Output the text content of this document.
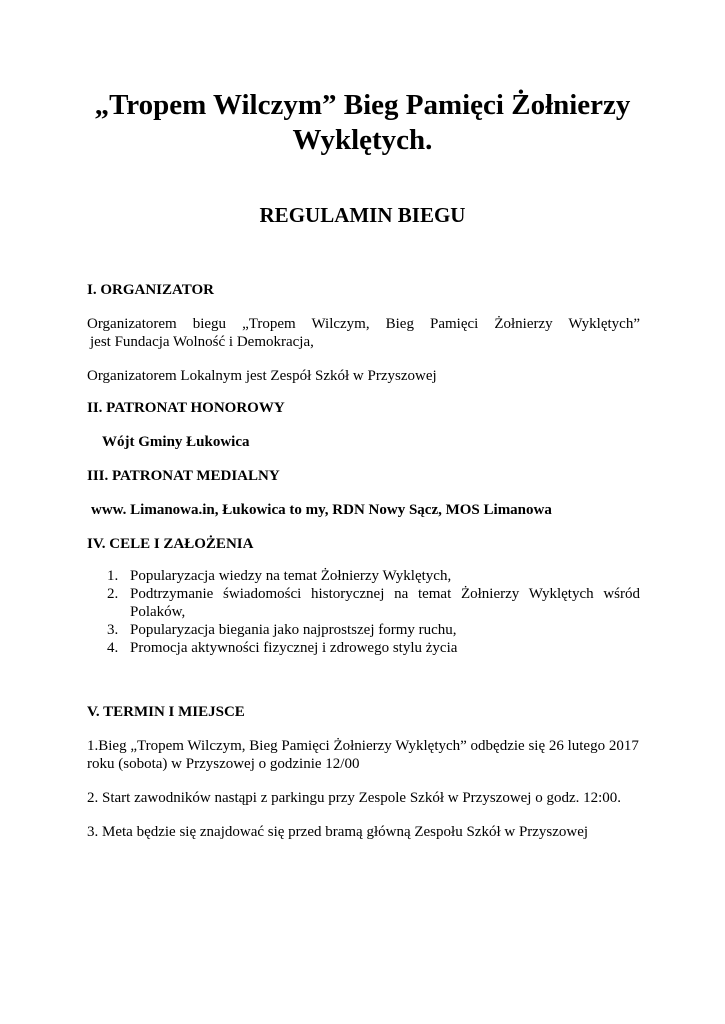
„Tropem Wilczym” Bieg Pamięci Żołnierzy Wyklętych.
REGULAMIN BIEGU
I. ORGANIZATOR
Organizatorem biegu „Tropem Wilczym, Bieg Pamięci Żołnierzy Wyklętych”
jest Fundacja Wolność i Demokracja,
Organizatorem Lokalnym jest Zespół Szkół w Przyszowej
II. PATRONAT HONOROWY
Wójt Gminy Łukowica
III. PATRONAT MEDIALNY
www. Limanowa.in, Łukowica to my, RDN Nowy Sącz, MOS Limanowa
IV. CELE I ZAŁOŻENIA
1. Popularyzacja wiedzy na temat Żołnierzy Wyklętych,
2. Podtrzymanie świadomości historycznej na temat Żołnierzy Wyklętych wśród
Polaków,
3. Popularyzacja biegania jako najprostszej formy ruchu,
4. Promocja aktywności fizycznej i zdrowego stylu życia
V. TERMIN I MIEJSCE
1.Bieg „Tropem Wilczym, Bieg Pamięci Żołnierzy Wyklętych” odbędzie się 26 lutego 2017
roku (sobota) w Przyszowej o godzinie 12/00
2. Start zawodników nastąpi z parkingu przy Zespole Szkół w Przyszowej o godz. 12:00.
3. Meta będzie się znajdować się przed bramą główną Zespołu Szkół w Przyszowej
